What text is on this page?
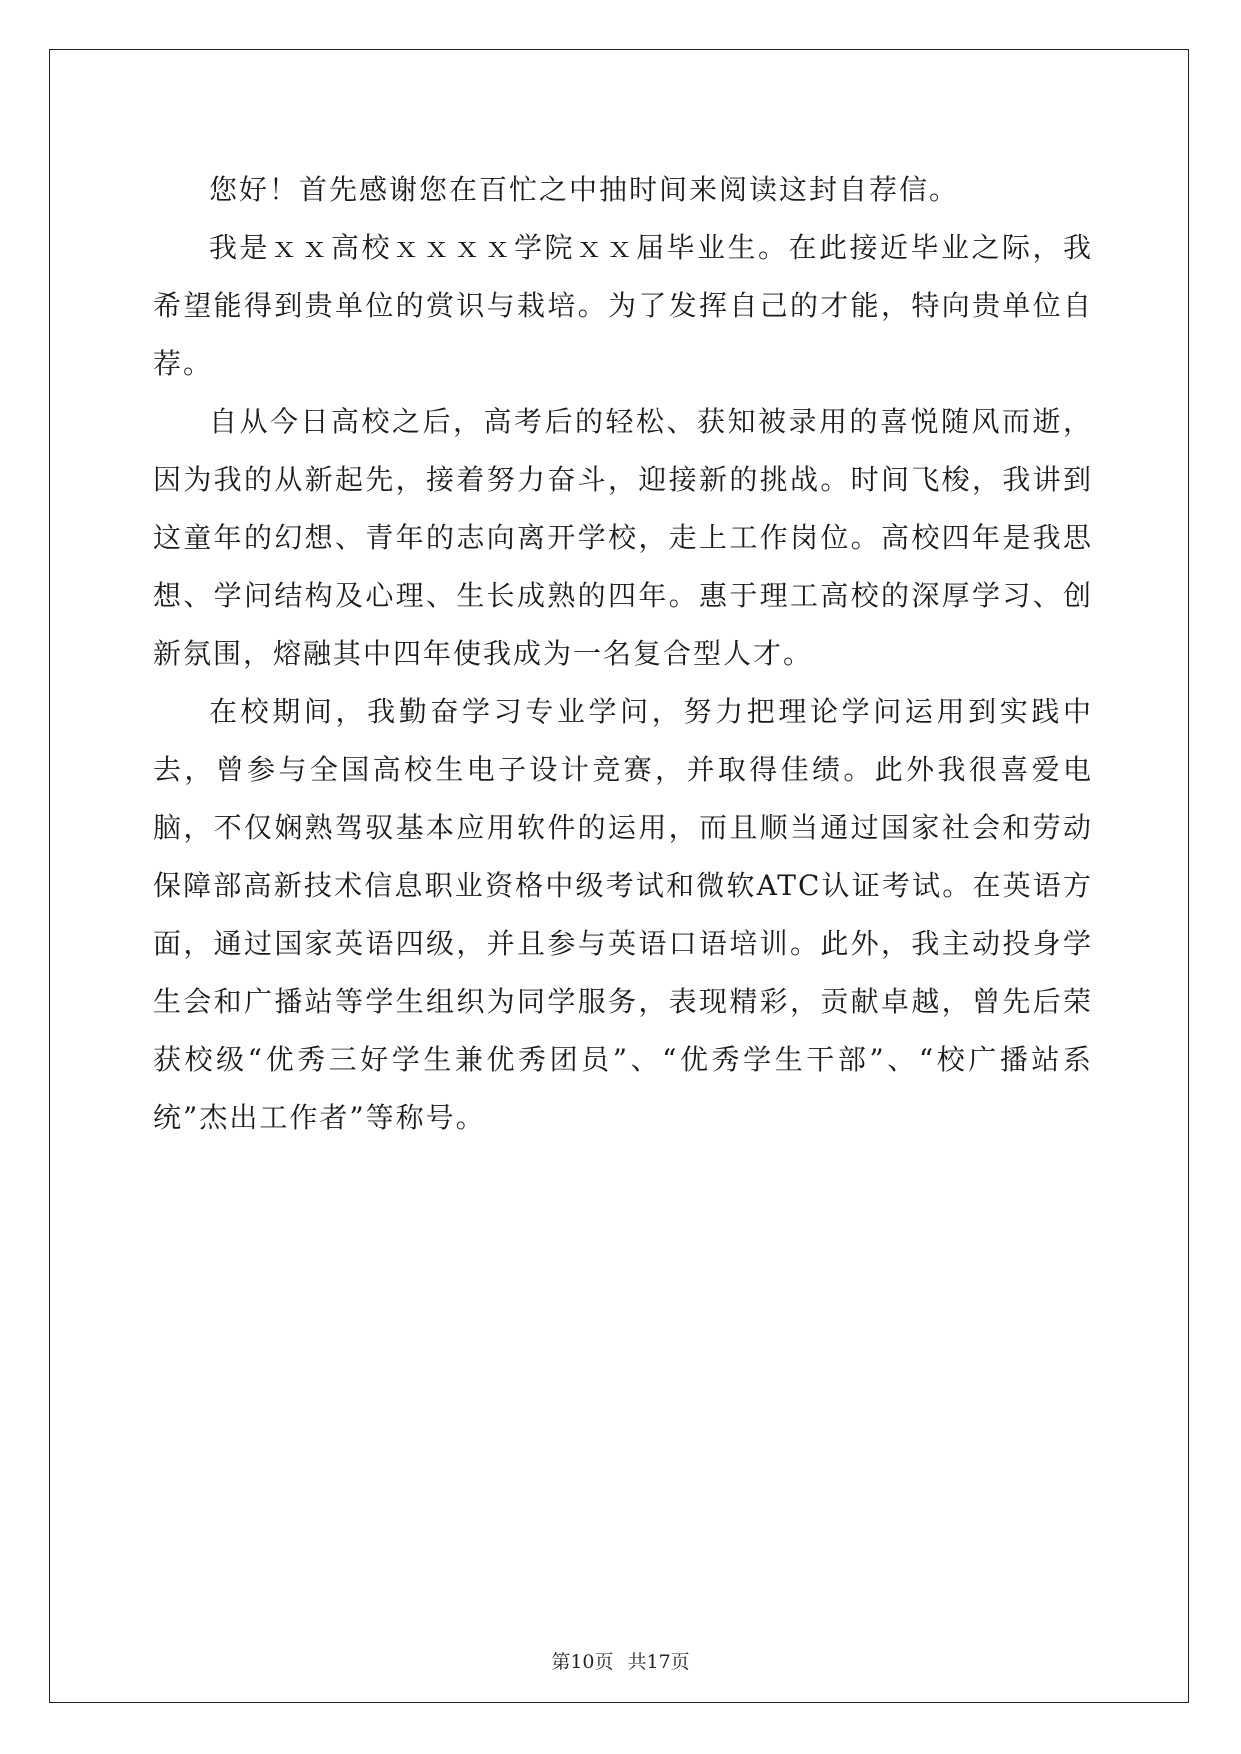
您好！首先感谢您在百忙之中抽时间来阅读这封自荐信。

我是ｘｘ高校ｘｘｘｘ学院ｘｘ届毕业生。在此接近毕业之际，我希望能得到贵单位的赏识与栽培。为了发挥自己的才能，特向贵单位自荐。

自从今日高校之后，高考后的轻松、获知被录用的喜悦随风而逝，因为我的从新起先，接着努力奋斗，迎接新的挑战。时间飞梭，我讲到这童年的幻想、青年的志向离开学校，走上工作岗位。高校四年是我思想、学问结构及心理、生长成熟的四年。惠于理工高校的深厚学习、创新氛围，熔融其中四年使我成为一名复合型人才。

在校期间，我勤奋学习专业学问，努力把理论学问运用到实践中去，曾参与全国高校生电子设计竞赛，并取得佳绩。此外我很喜爱电脑，不仅娴熟驾驭基本应用软件的运用，而且顺当通过国家社会和劳动保障部高新技术信息职业资格中级考试和微软ATC认证考试。在英语方面，通过国家英语四级，并且参与英语口语培训。此外，我主动投身学生会和广播站等学生组织为同学服务，表现精彩，贡献卓越，曾先后荣获校级“优秀三好学生兼优秀团员”、“优秀学生干部”、“校广播站系统”杰出工作者”等称号。

第10页 共17页
